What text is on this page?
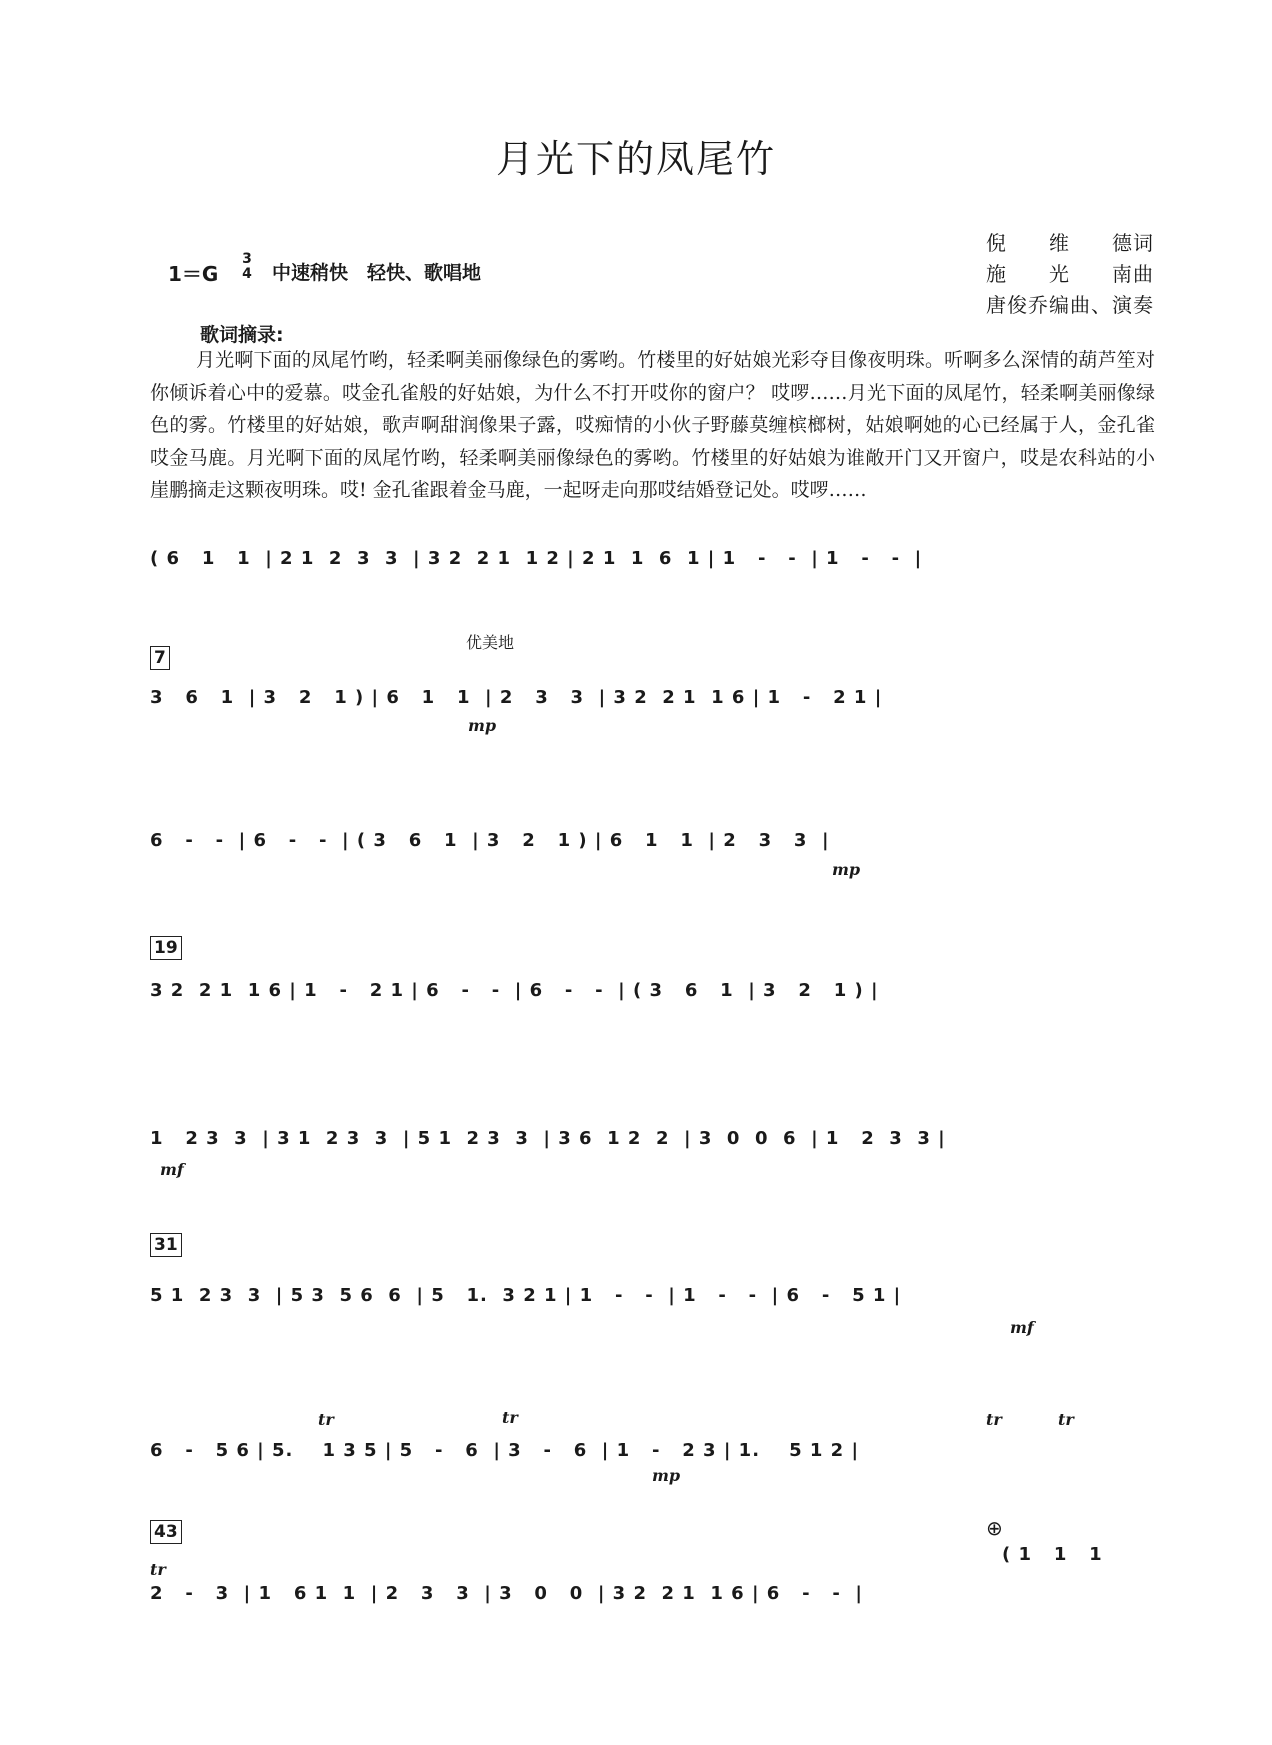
月光下的凤尾竹
1＝G
3
4 中速稍快　轻快、歌唱地
倪　　维　　德词
施　　光　　南曲
唐俊乔编曲、演奏
歌词摘录:
月光啊下面的凤尾竹哟，轻柔啊美丽像绿色的雾哟。竹楼里的好姑娘光彩夺目像夜明珠。听啊多么深情的葫芦笙对你倾诉着心中的爱慕。哎金孔雀般的好姑娘，为什么不打开哎你的窗户？ 哎啰……月光下面的凤尾竹，轻柔啊美丽像绿色的雾。竹楼里的好姑娘，歌声啊甜润像果子露，哎痴情的小伙子野藤莫缠槟榔树，姑娘啊她的心已经属于人，金孔雀哎金马鹿。月光啊下面的凤尾竹哟，轻柔啊美丽像绿色的雾哟。竹楼里的好姑娘为谁敞开门又开窗户，哎是农科站的小崖鹏摘走这颗夜明珠。哎! 金孔雀跟着金马鹿，一起呀走向那哎结婚登记处。哎啰……
( 6   1   1  | 2 1  2  3  3  | 3 2  2 1  1 2 | 2 1  1  6  1 | 1   -   -  | 1   -   -  |
7
优美地
3   6   1  | 3   2   1 ) | 6   1   1  | 2   3   3  | 3 2  2 1  1 6 | 1   -   2 1 |
mp
6   -   -  | 6   -   -  | ( 3   6   1  | 3   2   1 ) | 6   1   1  | 2   3   3  |
mp
19
3 2  2 1  1 6 | 1   -   2 1 | 6   -   -  | 6   -   -  | ( 3   6   1  | 3   2   1 ) |
1   2 3  3  | 3 1  2 3  3  | 5 1  2 3  3  | 3 6  1 2  2  | 3  0  0  6  | 1   2  3  3 |
mf
31
5 1  2 3  3  | 5 3  5 6  6  | 5   1.  3 2 1 | 1   -   -  | 1   -   -  | 6   -   5 1 |
mf
tr	tr	tr	tr
6   -   5 6 | 5.    1 3 5 | 5   -   6  | 3   -   6  | 1   -   2 3 | 1.    5 1 2 |
mp
43
tr
⊕
( 1   1   1
2   -   3  | 1   6 1  1  | 2   3   3  | 3   0   0  | 3 2  2 1  1 6 | 6   -   -  |
